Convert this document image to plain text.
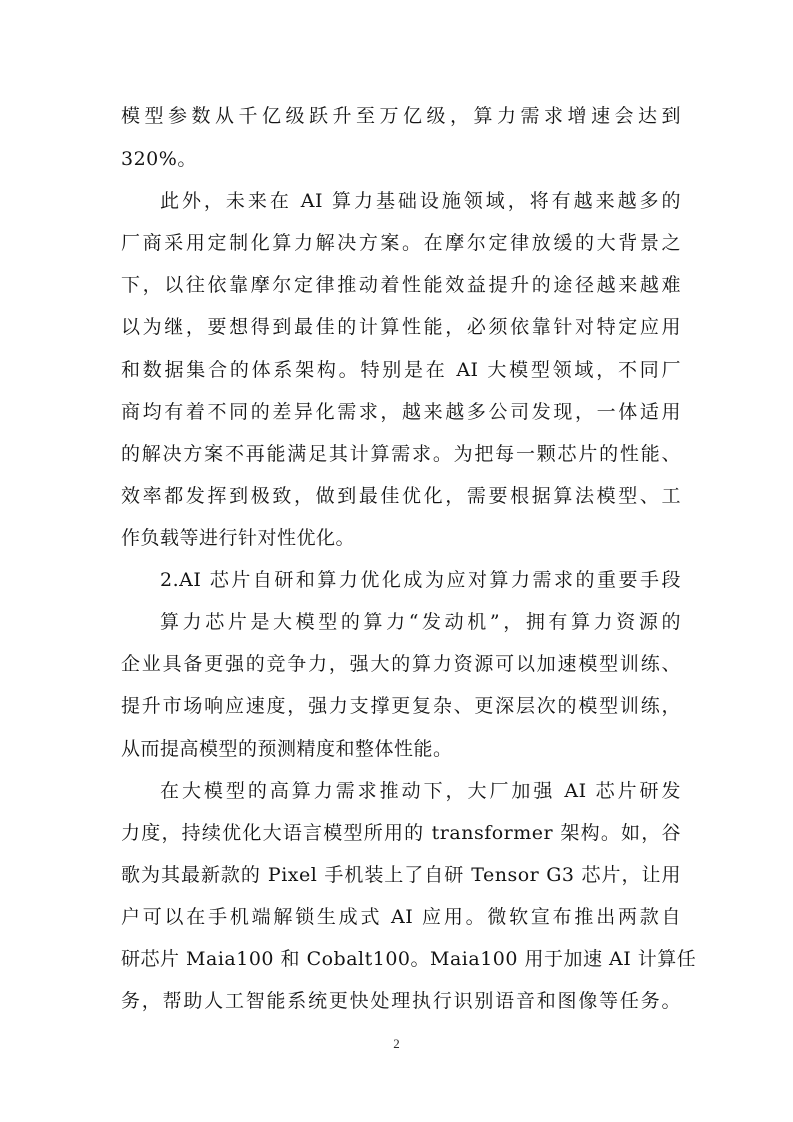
模型参数从千亿级跃升至万亿级，算力需求增速会达到

320%。

此外，未来在 AI 算力基础设施领域，将有越来越多的

厂商采用定制化算力解决方案。在摩尔定律放缓的大背景之

下，以往依靠摩尔定律推动着性能效益提升的途径越来越难

以为继，要想得到最佳的计算性能，必须依靠针对特定应用

和数据集合的体系架构。特别是在 AI 大模型领域，不同厂

商均有着不同的差异化需求，越来越多公司发现，一体适用

的解决方案不再能满足其计算需求。为把每一颗芯片的性能、

效率都发挥到极致，做到最佳优化，需要根据算法模型、工

作负载等进行针对性优化。

2.AI 芯片自研和算力优化成为应对算力需求的重要手段

算力芯片是大模型的算力“发动机”，拥有算力资源的

企业具备更强的竞争力，强大的算力资源可以加速模型训练、

提升市场响应速度，强力支撑更复杂、更深层次的模型训练，

从而提高模型的预测精度和整体性能。

在大模型的高算力需求推动下，大厂加强 AI 芯片研发

力度，持续优化大语言模型所用的 transformer 架构。如，谷

歌为其最新款的 Pixel 手机装上了自研 Tensor G3 芯片，让用

户可以在手机端解锁生成式 AI 应用。微软宣布推出两款自

研芯片 Maia100 和 Cobalt100。Maia100 用于加速 AI 计算任

务，帮助人工智能系统更快处理执行识别语音和图像等任务。

2
